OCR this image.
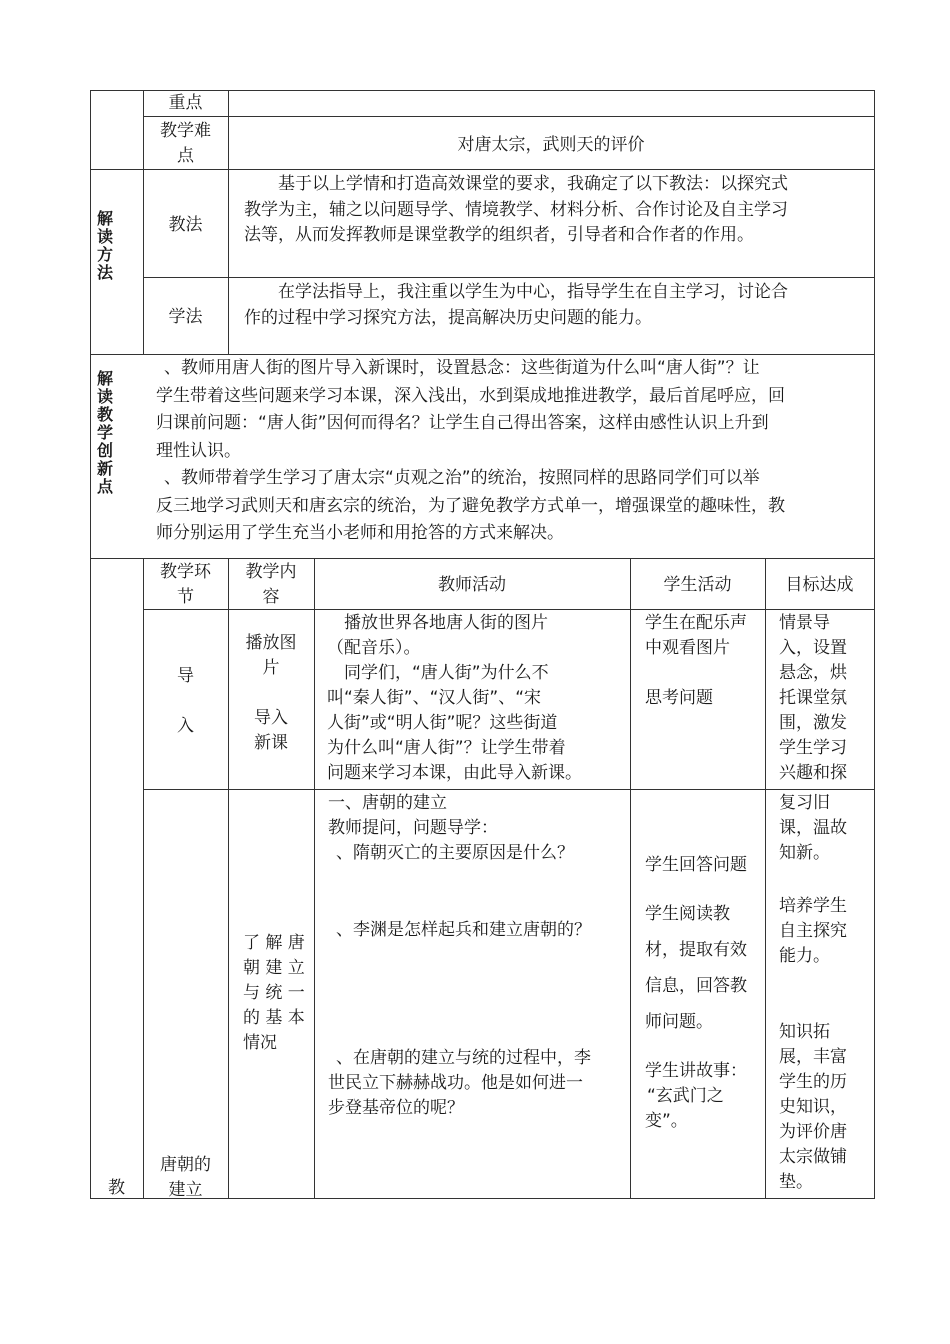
重点
教学难
点
对唐太宗，武则天的评价
解
读
方
法
教法
　　基于以上学情和打造高效课堂的要求，我确定了以下教法：以探究式
教学为主，辅之以问题导学、情境教学、材料分析、合作讨论及自主学习
法等，从而发挥教师是课堂教学的组织者，引导者和合作者的作用。
学法
　　在学法指导上，我注重以学生为中心，指导学生在自主学习，讨论合
作的过程中学习探究方法，提高解决历史问题的能力。
解
读
教
学
创
新
点
、教师用唐人街的图片导入新课时，设置悬念：这些街道为什么叫“唐人街”？让
学生带着这些问题来学习本课，深入浅出，水到渠成地推进教学，最后首尾呼应，回
归课前问题：“唐人街”因何而得名？让学生自己得出答案，这样由感性认识上升到
理性认识。
、教师带着学生学习了唐太宗“贞观之治”的统治，按照同样的思路同学们可以举
反三地学习武则天和唐玄宗的统治，为了避免教学方式单一，增强课堂的趣味性，教
师分别运用了学生充当小老师和用抢答的方式来解决。
教
教学环
节
教学内
容
教师活动	学生活动	目标达成
导
入
播放图
片
导入
新课
　播放世界各地唐人街的图片
（配音乐）。
　同学们，“唐人街”为什么不
叫“秦人街”、“汉人街”、“宋
人街”或“明人街”呢？这些街道
为什么叫“唐人街”？让学生带着
问题来学习本课，由此导入新课。
学生在配乐声
中观看图片
思考问题
情景导
入，设置
悬念，烘
托课堂氛
围，激发
学生学习
兴趣和探
唐朝的
建立
了 解 唐
朝 建 立
与 统 一
的 基 本
情况
一、唐朝的建立
教师提问，问题导学：
、隋朝灭亡的主要原因是什么？
、李渊是怎样起兵和建立唐朝的？
、在唐朝的建立与统的过程中，李
世民立下赫赫战功。他是如何进一
步登基帝位的呢？
学生回答问题
学生阅读教
材，提取有效
信息，回答教
师问题。
学生讲故事：
“玄武门之
变”。
复习旧
课，温故
知新。
培养学生
自主探究
能力。
知识拓
展，丰富
学生的历
史知识，
为评价唐
太宗做铺
垫。
